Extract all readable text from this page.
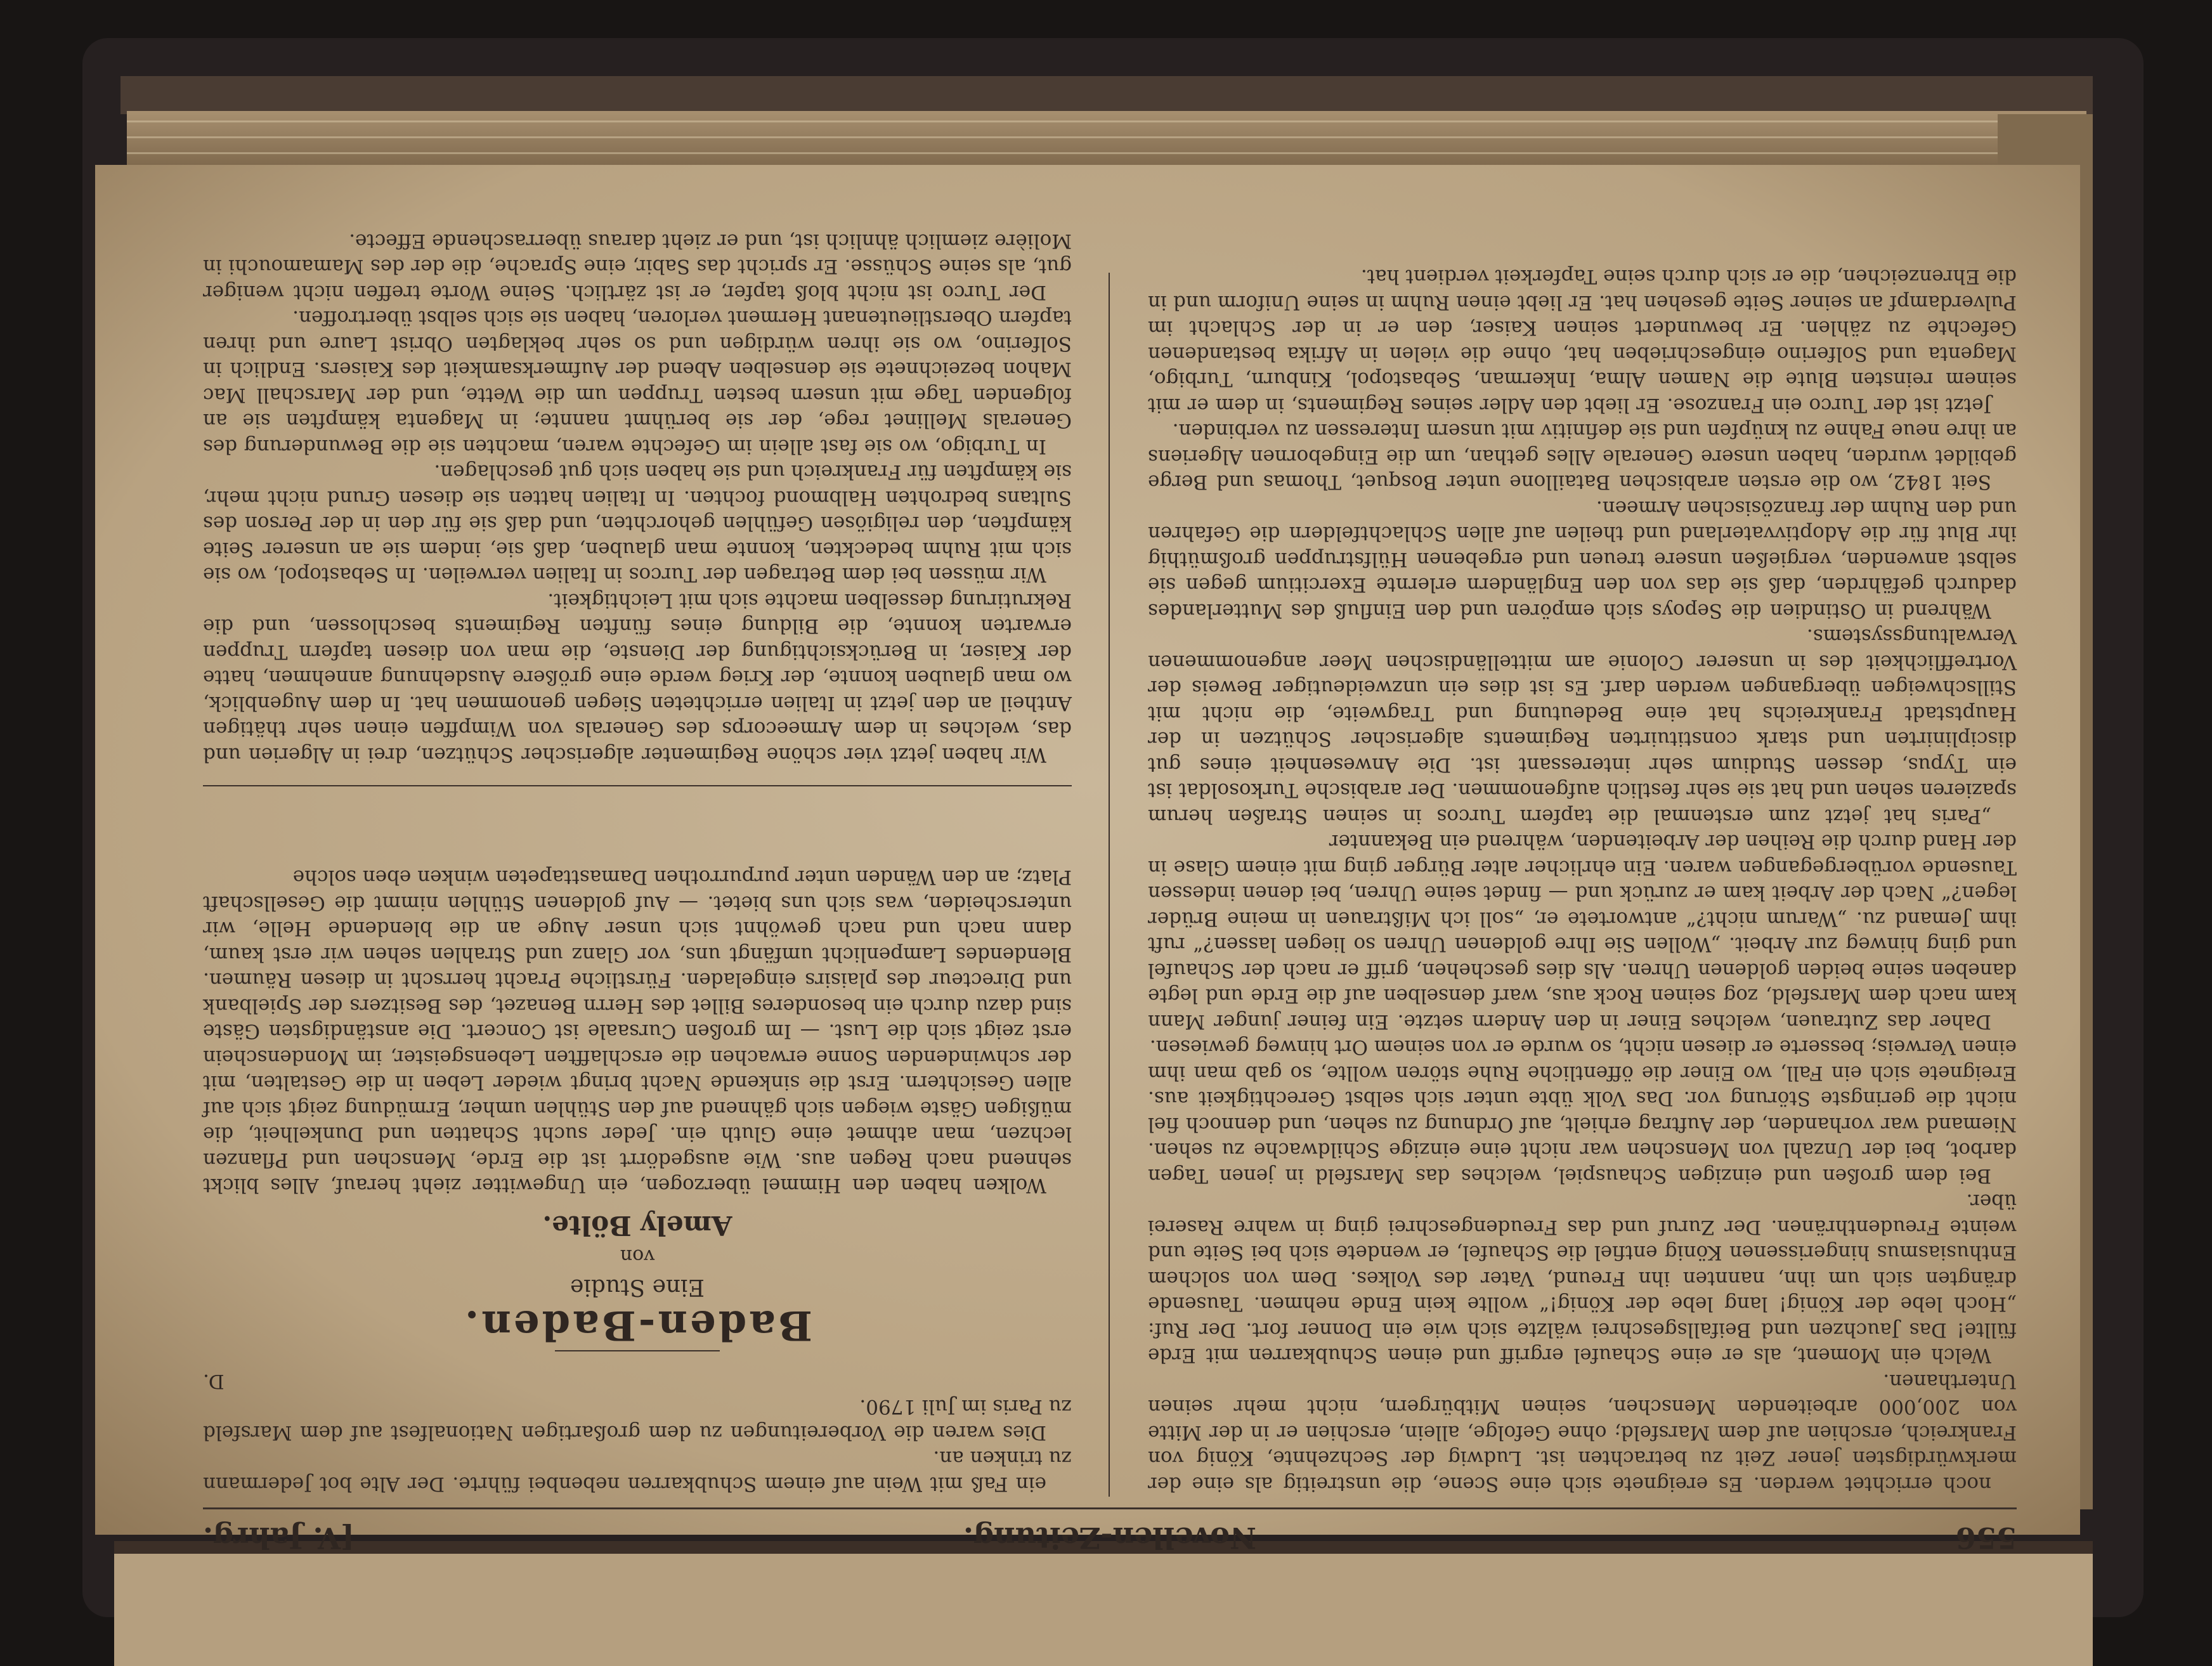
556
Novellen-Zeitung.
[V. Jahrg.

noch errichtet werden. Es ereignete sich eine Scene, die unstreitig als eine der merkwürdigsten jener Zeit zu betrachten ist. Ludwig der Sechzehnte, König von Frankreich, erschien auf dem Marsfeld; ohne Gefolge, allein, erschien er in der Mitte von 200,000 arbeitenden Menschen, seinen Mitbürgern, nicht mehr seinen Unterthanen.

Welch ein Moment, als er eine Schaufel ergriff und einen Schubkarren mit Erde füllte! Das Jauchzen und Beifallsgeschrei wälzte sich wie ein Donner fort. Der Ruf: „Hoch lebe der König! lang lebe der König!“ wollte kein Ende nehmen. Tausende drängten sich um ihn, nannten ihn Freund, Vater des Volkes. Dem von solchem Enthusiasmus hingerissenen König entfiel die Schaufel, er wendete sich bei Seite und weinte Freudenthränen. Der Zuruf und das Freudengeschrei ging in wahre Raserei über.

Bei dem großen und einzigen Schauspiel, welches das Marsfeld in jenen Tagen darbot, bei der Unzahl von Menschen war nicht eine einzige Schildwache zu sehen. Niemand war vorhanden, der Auftrag erhielt, auf Ordnung zu sehen, und dennoch fiel nicht die geringste Störung vor. Das Volk übte unter sich selbst Gerechtigkeit aus. Ereignete sich ein Fall, wo Einer die öffentliche Ruhe stören wollte, so gab man ihm einen Verweis; besserte er diesen nicht, so wurde er von seinem Ort hinweg gewiesen.

Daher das Zutrauen, welches Einer in den Andern setzte. Ein feiner junger Mann kam nach dem Marsfeld, zog seinen Rock aus, warf denselben auf die Erde und legte daneben seine beiden goldenen Uhren. Als dies geschehen, griff er nach der Schaufel und ging hinweg zur Arbeit. „Wollen Sie Ihre goldenen Uhren so liegen lassen?“ ruft ihm Jemand zu. „Warum nicht?“ antwortete er, „soll ich Mißtrauen in meine Brüder legen?“ Nach der Arbeit kam er zurück und — findet seine Uhren, bei denen indessen Tausende vorübergegangen waren. Ein ehrlicher alter Bürger ging mit einem Glase in der Hand durch die Reihen der Arbeitenden, während ein Bekannter

„Paris hat jetzt zum erstenmal die tapfern Turcos in seinen Straßen herum spazieren sehen und hat sie sehr festlich aufgenommen. Der arabische Turkosoldat ist ein Typus, dessen Studium sehr interessant ist. Die Anwesenheit eines gut disciplinirten und stark constituirten Regiments algerischer Schützen in der Hauptstadt Frankreichs hat eine Bedeutung und Tragweite, die nicht mit Stillschweigen übergangen werden darf. Es ist dies ein unzweideutiger Beweis der Vortrefflichkeit des in unserer Colonie am mittelländischen Meer angenommenen Verwaltungssystems.

Während in Ostindien die Sepoys sich empören und den Einfluß des Mutterlandes dadurch gefährden, daß sie das von den Engländern erlernte Exercitium gegen sie selbst anwenden, vergießen unsere treuen und ergebenen Hülfstruppen großmüthig ihr Blut für die Adoptivvaterland und theilen auf allen Schlachtfeldern die Gefahren und den Ruhm der französischen Armeen.

Seit 1842, wo die ersten arabischen Bataillone unter Bosquet, Thomas und Berge gebildet wurden, haben unsere Generale Alles gethan, um die Eingebornen Algeriens an ihre neue Fahne zu knüpfen und sie definitiv mit unsern Interessen zu verbinden.

Jetzt ist der Turco ein Franzose. Er liebt den Adler seines Regiments, in dem er mit seinem reinsten Blute die Namen Alma, Inkerman, Sebastopol, Kinburn, Turbigo, Magenta und Solferino eingeschrieben hat, ohne die vielen in Afrika bestandenen Gefechte zu zählen. Er bewundert seinen Kaiser, den er in der Schlacht im Pulverdampf an seiner Seite gesehen hat. Er liebt einen Ruhm in seine Uniform und in die Ehrenzeichen, die er sich durch seine Tapferkeit verdient hat.

ein Faß mit Wein auf einem Schubkarren nebenbei führte. Der Alte bot Jedermann zu trinken an.

Dies waren die Vorbereitungen zu dem großartigen Nationalfest auf dem Marsfeld zu Paris im Juli 1790.

D.

Baden-Baden.

Eine Studie

von

Amely Bölte.

Wolken haben den Himmel überzogen, ein Ungewitter zieht herauf, Alles blickt sehnend nach Regen aus. Wie ausgedörrt ist die Erde, Menschen und Pflanzen lechzen, man athmet eine Gluth ein. Jeder sucht Schatten und Dunkelheit, die müßigen Gäste wiegen sich gähnend auf den Stühlen umher, Ermüdung zeigt sich auf allen Gesichtern. Erst die sinkende Nacht bringt wieder Leben in die Gestalten, mit der schwindenden Sonne erwachen die erschlafften Lebensgeister, im Mondenschein erst zeigt sich die Lust. — Im großen Cursaale ist Concert. Die anständigsten Gäste sind dazu durch ein besonderes Billet des Herrn Benazet, des Besitzers der Spielbank und Directeur des plaisirs eingeladen. Fürstliche Pracht herrscht in diesen Räumen. Blendendes Lampenlicht umfängt uns, vor Glanz und Strahlen sehen wir erst kaum, dann nach und nach gewöhnt sich unser Auge an die blendende Helle, wir unterscheiden, was sich uns bietet. — Auf goldenen Stühlen nimmt die Gesellschaft Platz; an den Wänden unter purpurrothen Damasttapeten winken eben solche

Wir haben jetzt vier schöne Regimenter algerischer Schützen, drei in Algerien und das, welches in dem Armeecorps des Generals von Wimpffen einen sehr thätigen Antheil an den jetzt in Italien errichteten Siegen genommen hat. In dem Augenblick, wo man glauben konnte, der Krieg werde eine größere Ausdehnung annehmen, hatte der Kaiser, in Berücksichtigung der Dienste, die man von diesen tapfern Truppen erwarten konnte, die Bildung eines fünften Regiments beschlossen, und die Rekrutirung desselben machte sich mit Leichtigkeit.

Wir müssen bei dem Betragen der Turcos in Italien verweilen. In Sebastopol, wo sie sich mit Ruhm bedeckten, konnte man glauben, daß sie, indem sie an unserer Seite kämpften, den religiösen Gefühlen gehorchten, und daß sie für den in der Person des Sultans bedrohten Halbmond fochten. In Italien hatten sie diesen Grund nicht mehr, sie kämpften für Frankreich und sie haben sich gut geschlagen.

In Turbigo, wo sie fast allein im Gefechte waren, machten sie die Bewunderung des Generals Mellinet rege, der sie berühmt nannte; in Magenta kämpften sie an folgenden Tage mit unsern besten Truppen um die Wette, und der Marschall Mac Mahon bezeichnete sie denselben Abend der Aufmerksamkeit des Kaisers. Endlich in Solferino, wo sie ihren würdigen und so sehr beklagten Obrist Laure und ihren tapfern Oberstlieutenant Herment verloren, haben sie sich selbst übertroffen.

Der Turco ist nicht bloß tapfer, er ist zärtlich. Seine Worte treffen nicht weniger gut, als seine Schüsse. Er spricht das Sabir, eine Sprache, die der des Mamamouchi in Molière ziemlich ähnlich ist, und er zieht daraus überraschende Effecte.
